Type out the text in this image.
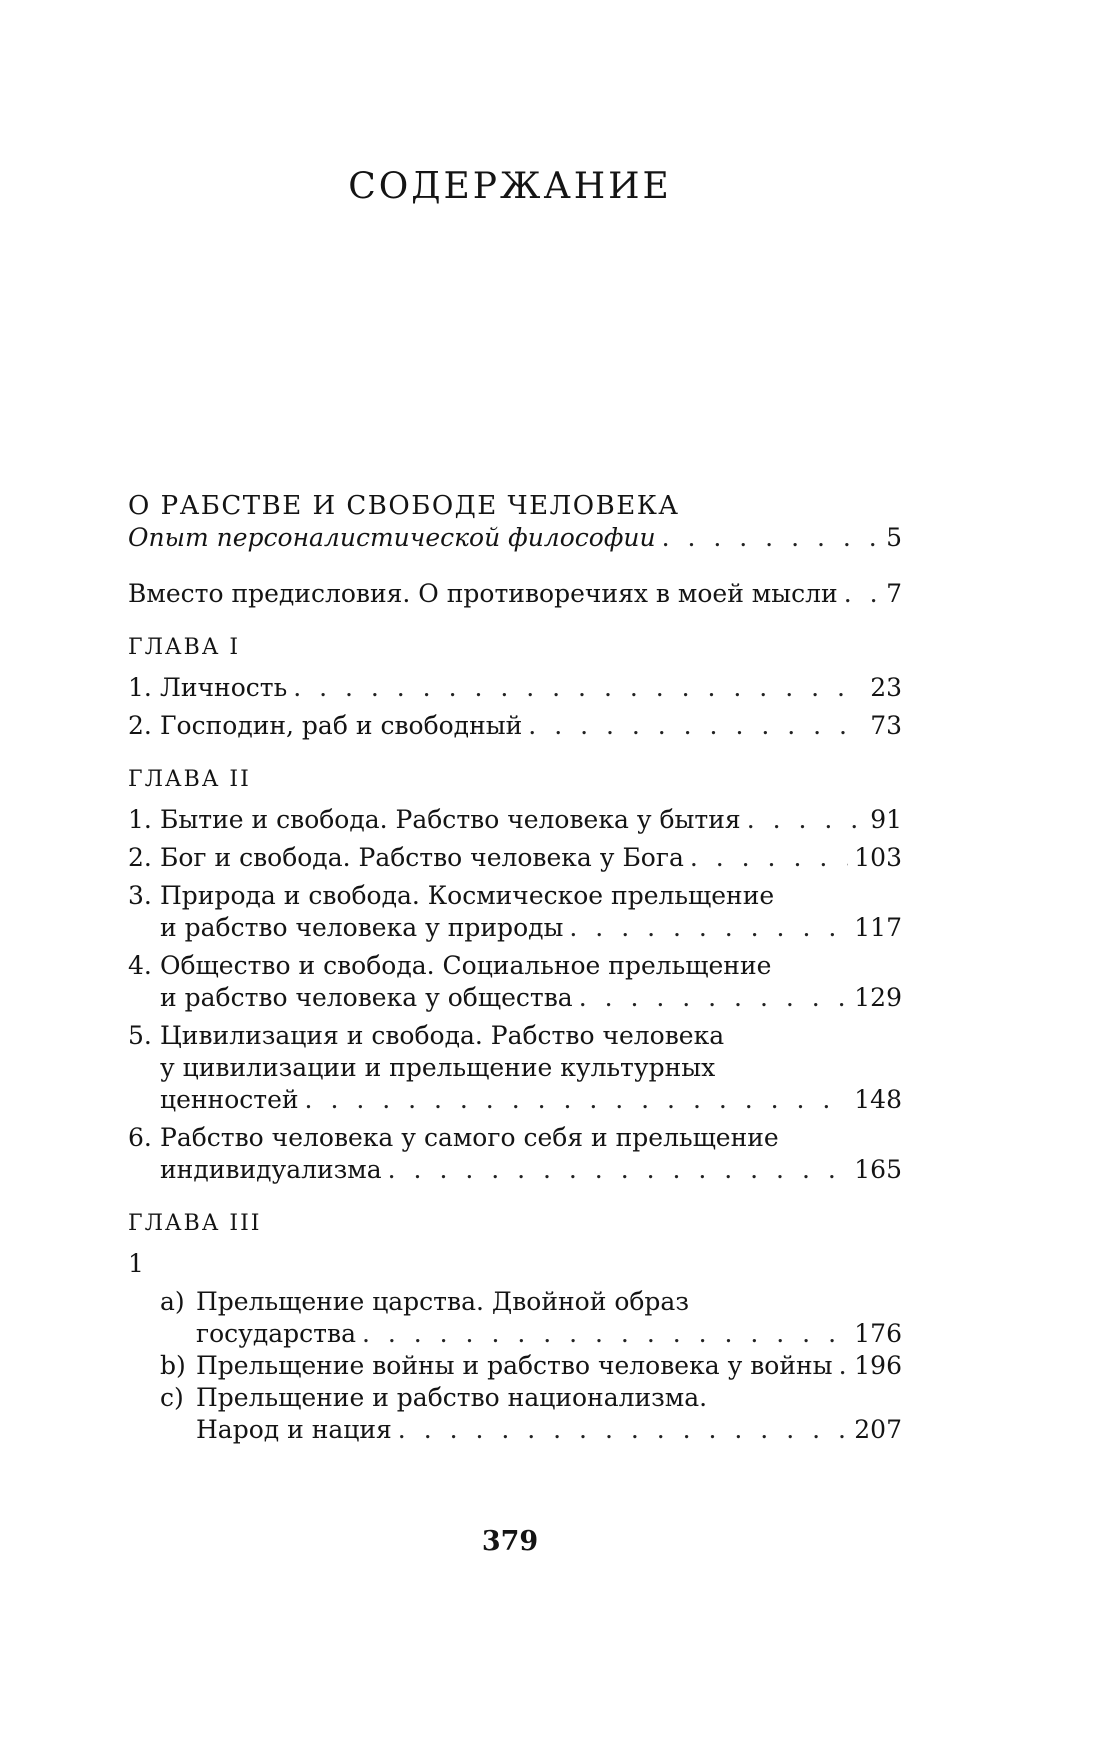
СОДЕРЖАНИЕ
О РАБСТВЕ И СВОБОДЕ ЧЕЛОВЕКА
Опыт персоналистической философии . . .	5
Вместо предисловия. О противоречиях в моей мысли . . . 7
ГЛАВА I
1. Личность . . .	23
2. Господин, раб и свободный . . .	73
ГЛАВА II
1. Бытие и свобода. Рабство человека у бытия . . .	91
2. Бог и свобода. Рабство человека у Бога . . .	103
3. Природа и свобода. Космическое прельщение
и рабство человека у природы . . .	117
4. Общество и свобода. Социальное прельщение
и рабство человека у общества . . .	129
5. Цивилизация и свобода. Рабство человека
у цивилизации и прельщение культурных
ценностей . . .	148
6. Рабство человека у самого себя и прельщение
индивидуализма . . .	165
ГЛАВА III
1
a) Прельщение царства. Двойной образ
государства . . .	176
b) Прельщение войны и рабство человека у войны . . . 196
c) Прельщение и рабство национализма.
Народ и нация . . .	207
379
